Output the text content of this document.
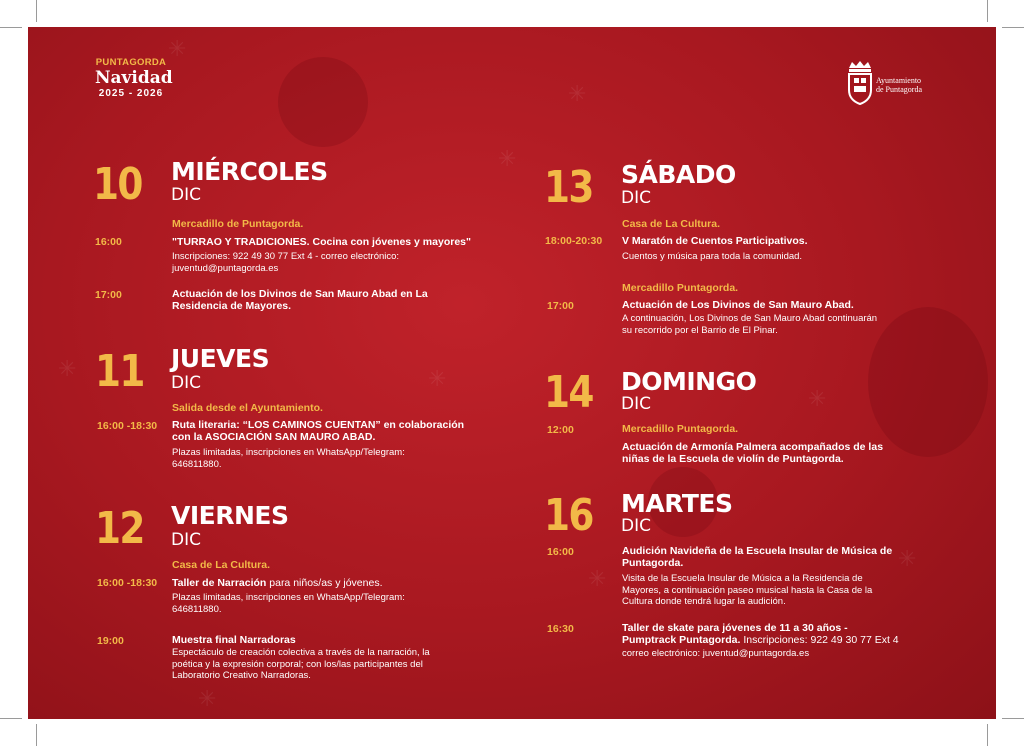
✳
✳
✳
✳	✳
✳
✳
✳
✳
PUNTAGORDA
Navidad
2025 - 2026
Ayuntamiento
de Puntagorda
10 MIÉRCOLES
DIC
Mercadillo de Puntagorda.
16:00	"TURRAO Y TRADICIONES. Cocina con jóvenes y mayores"
Inscripciones: 922 49 30 77 Ext 4 - correo electrónico:
juventud@puntagorda.es
17:00	Actuación de los Divinos de San Mauro Abad en La
Residencia de Mayores.
11 JUEVES
DIC
Salida desde el Ayuntamiento.
16:00 -18:30 Ruta literaria: “LOS CAMINOS CUENTAN” en colaboración
con la ASOCIACIÓN SAN MAURO ABAD.
Plazas limitadas, inscripciones en WhatsApp/Telegram:
646811880.
12 VIERNES
DIC
Casa de La Cultura.
16:00 -18:30 Taller de Narración para niños/as y jóvenes.
Plazas limitadas, inscripciones en WhatsApp/Telegram:
646811880.
19:00	Muestra final Narradoras
Espectáculo de creación colectiva a través de la narración, la
poética y la expresión corporal; con los/las participantes del
Laboratorio Creativo Narradoras.
13 SÁBADO
DIC
Casa de La Cultura.
18:00-20:30 V Maratón de Cuentos Participativos.
Cuentos y música para toda la comunidad.
Mercadillo Puntagorda.
17:00	Actuación de Los Divinos de San Mauro Abad.
A continuación, Los Divinos de San Mauro Abad continuarán
su recorrido por el Barrio de El Pinar.
14 DOMINGO
DIC
12:00	Mercadillo Puntagorda.
Actuación de Armonía Palmera acompañados de las
niñas de la Escuela de violín de Puntagorda.
16 MARTES
DIC
16:00	Audición Navideña de la Escuela Insular de Música de
Puntagorda.
Visita de la Escuela Insular de Música a la Residencia de
Mayores, a continuación paseo musical hasta la Casa de la
Cultura donde tendrá lugar la audición.
16:30	Taller de skate para jóvenes de 11 a 30 años -
Pumptrack Puntagorda. Inscripciones: 922 49 30 77 Ext 4
correo electrónico: juventud@puntagorda.es
